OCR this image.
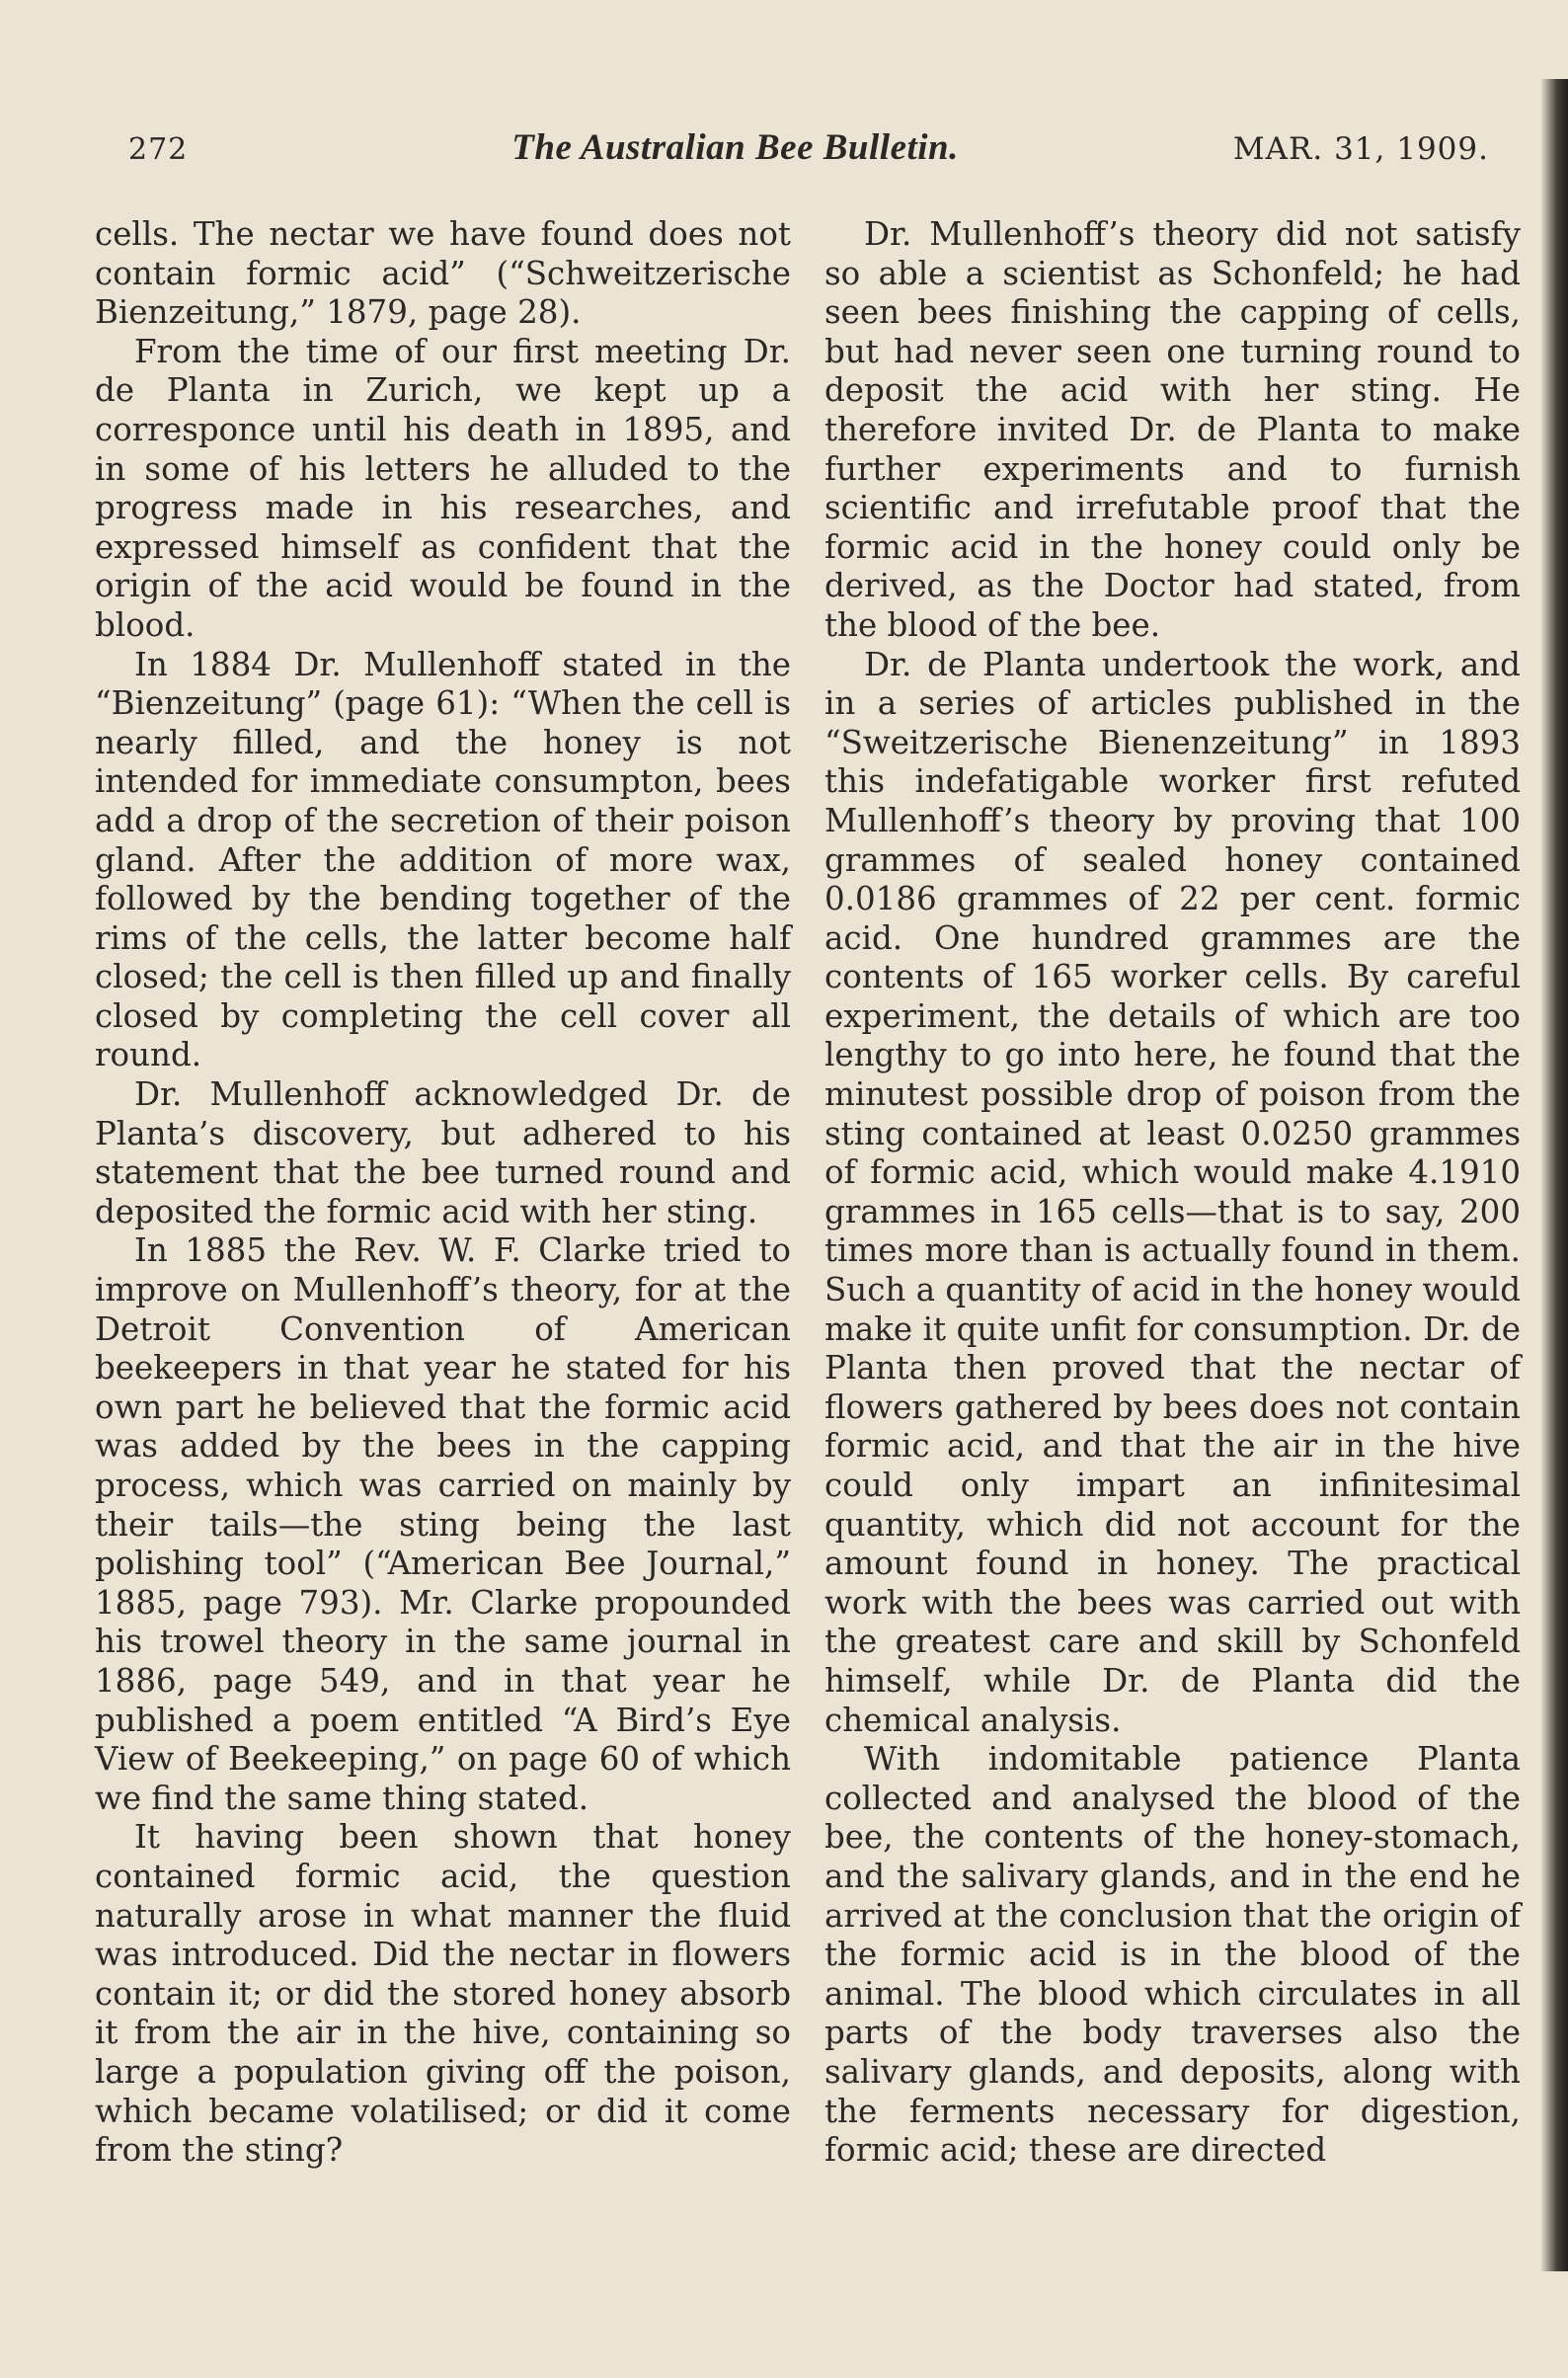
272	The Australian Bee Bulletin.	MAR. 31, 1909.

cells. The nectar we have found does not contain formic acid” (“Schweitzerische Bienzeitung,” 1879, page 28).

From the time of our first meeting Dr. de Planta in Zurich, we kept up a corresponce until his death in 1895, and in some of his letters he alluded to the progress made in his researches, and expressed himself as confident that the origin of the acid would be found in the blood.

In 1884 Dr. Mullenhoff stated in the “Bienzeitung” (page 61): “When the cell is nearly filled, and the honey is not intended for immediate consumpton, bees add a drop of the secretion of their poison gland. After the addition of more wax, followed by the bending together of the rims of the cells, the latter become half closed; the cell is then filled up and finally closed by completing the cell cover all round.

Dr. Mullenhoff acknowledged Dr. de Planta’s discovery, but adhered to his statement that the bee turned round and deposited the formic acid with her sting.

In 1885 the Rev. W. F. Clarke tried to improve on Mullenhoff’s theory, for at the Detroit Convention of American beekeepers in that year he stated for his own part he believed that the formic acid was added by the bees in the capping process, which was carried on mainly by their tails—the sting being the last polishing tool” (“American Bee Journal,” 1885, page 793). Mr. Clarke propounded his trowel theory in the same journal in 1886, page 549, and in that year he published a poem entitled “A Bird’s Eye View of Beekeeping,” on page 60 of which we find the same thing stated.

It having been shown that honey contained formic acid, the question naturally arose in what manner the fluid was introduced. Did the nectar in flowers contain it; or did the stored honey absorb it from the air in the hive, containing so large a population giving off the poison, which became volatilised; or did it come from the sting?

Dr. Mullenhoff’s theory did not satisfy so able a scientist as Schonfeld; he had seen bees finishing the capping of cells, but had never seen one turning round to deposit the acid with her sting. He therefore invited Dr. de Planta to make further experiments and to furnish scientific and irrefutable proof that the formic acid in the honey could only be derived, as the Doctor had stated, from the blood of the bee.

Dr. de Planta undertook the work, and in a series of articles published in the “Sweitzerische Bienenzeitung” in 1893 this indefatigable worker first refuted Mullenhoff’s theory by proving that 100 grammes of sealed honey contained 0.0186 grammes of 22 per cent. formic acid. One hundred grammes are the contents of 165 worker cells. By careful experiment, the details of which are too lengthy to go into here, he found that the minutest possible drop of poison from the sting contained at least 0.0250 grammes of formic acid, which would make 4.1910 grammes in 165 cells—that is to say, 200 times more than is actually found in them. Such a quantity of acid in the honey would make it quite unfit for consumption. Dr. de Planta then proved that the nectar of flowers gathered by bees does not contain formic acid, and that the air in the hive could only impart an infinitesimal quantity, which did not account for the amount found in honey. The practical work with the bees was carried out with the greatest care and skill by Schonfeld himself, while Dr. de Planta did the chemical analysis.

With indomitable patience Planta collected and analysed the blood of the bee, the contents of the honey-stomach, and the salivary glands, and in the end he arrived at the conclusion that the origin of the formic acid is in the blood of the animal. The blood which circulates in all parts of the body traverses also the salivary glands, and deposits, along with the ferments necessary for digestion, formic acid; these are directed
